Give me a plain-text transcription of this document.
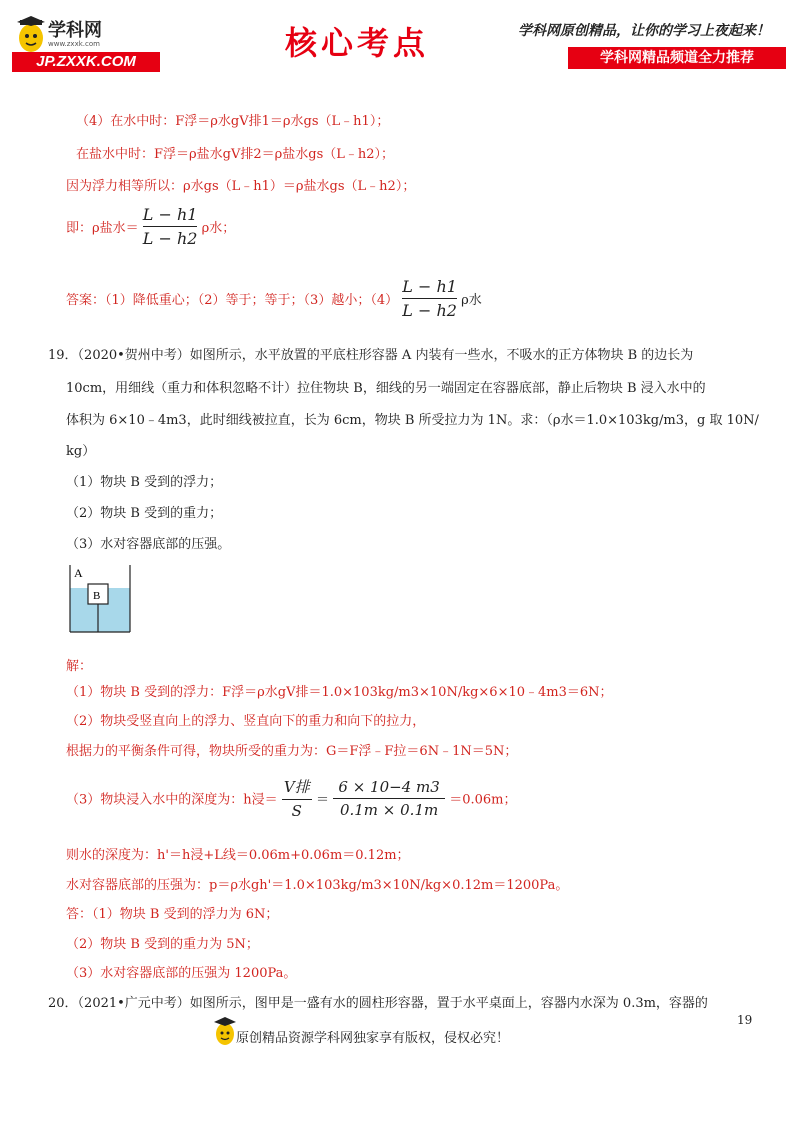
学科网
www.zxxk.com
JP.ZXXK.COM	核心考点	学科网原创精品，让你的学习上夜起来！
学科网精品频道全力推荐
（4）在水中时：F浮＝ρ水gV排1＝ρ水gs（L﹣h1）；
在盐水中时：F浮＝ρ盐水gV排2＝ρ盐水gs（L﹣h2）；
因为浮力相等所以：ρ水gs（L﹣h1）＝ρ盐水gs（L﹣h2）；
即：ρ盐水＝ $\frac{L - h1}{L - h2}$ ρ水；
答案：（1）降低重心；（2）等于；等于；（3）越小；$(4) \frac{L - h1}{L - h2}$ ρ水
19．（2020•贺州中考）如图所示，水平放置的平底柱形容器 A 内装有一些水，不吸水的正方体物块 B 的边长为
10cm，用细线（重力和体积忽略不计）拉住物块 B，细线的另一端固定在容器底部，静止后物块 B 浸入水中的
体积为 6×10﹣4m3，此时细线被拉直，长为 6cm，物块 B 所受拉力为 1N。求：（ρ水＝1.0×103kg/m3，g 取 10N/
kg）
（1）物块 B 受到的浮力；
（2）物块 B 受到的重力；
（3）水对容器底部的压强。
A
B
解：
（1）物块 B 受到的浮力：F浮＝ρ水gV排＝1.0×103kg/m3×10N/kg×6×10﹣4m3＝6N；
（2）物块受竖直向上的浮力、竖直向下的重力和向下的拉力，
根据力的平衡条件可得，物块所受的重力为：G＝F浮﹣F拉＝6N﹣1N＝5N；
（3）物块浸入水中的深度为：h浸＝ $\frac{\text{V排}}{S} = \frac{6 \times 10-4 m3}{0.1m \times 0.1m} =0.06m$；
则水的深度为：h'＝h浸+L线＝0.06m+0.06m＝0.12m；
水对容器底部的压强为：p＝ρ水gh'＝1.0×103kg/m3×10N/kg×0.12m＝1200Pa。
答：（1）物块 B 受到的浮力为 6N；
（2）物块 B 受到的重力为 5N；
（3）水对容器底部的压强为 1200Pa。
20．（2021•广元中考）如图所示，图甲是一盛有水的圆柱形容器，置于水平桌面上，容器内水深为 0.3m，容器的
19
原创精品资源学科网独家享有版权，侵权必究！
